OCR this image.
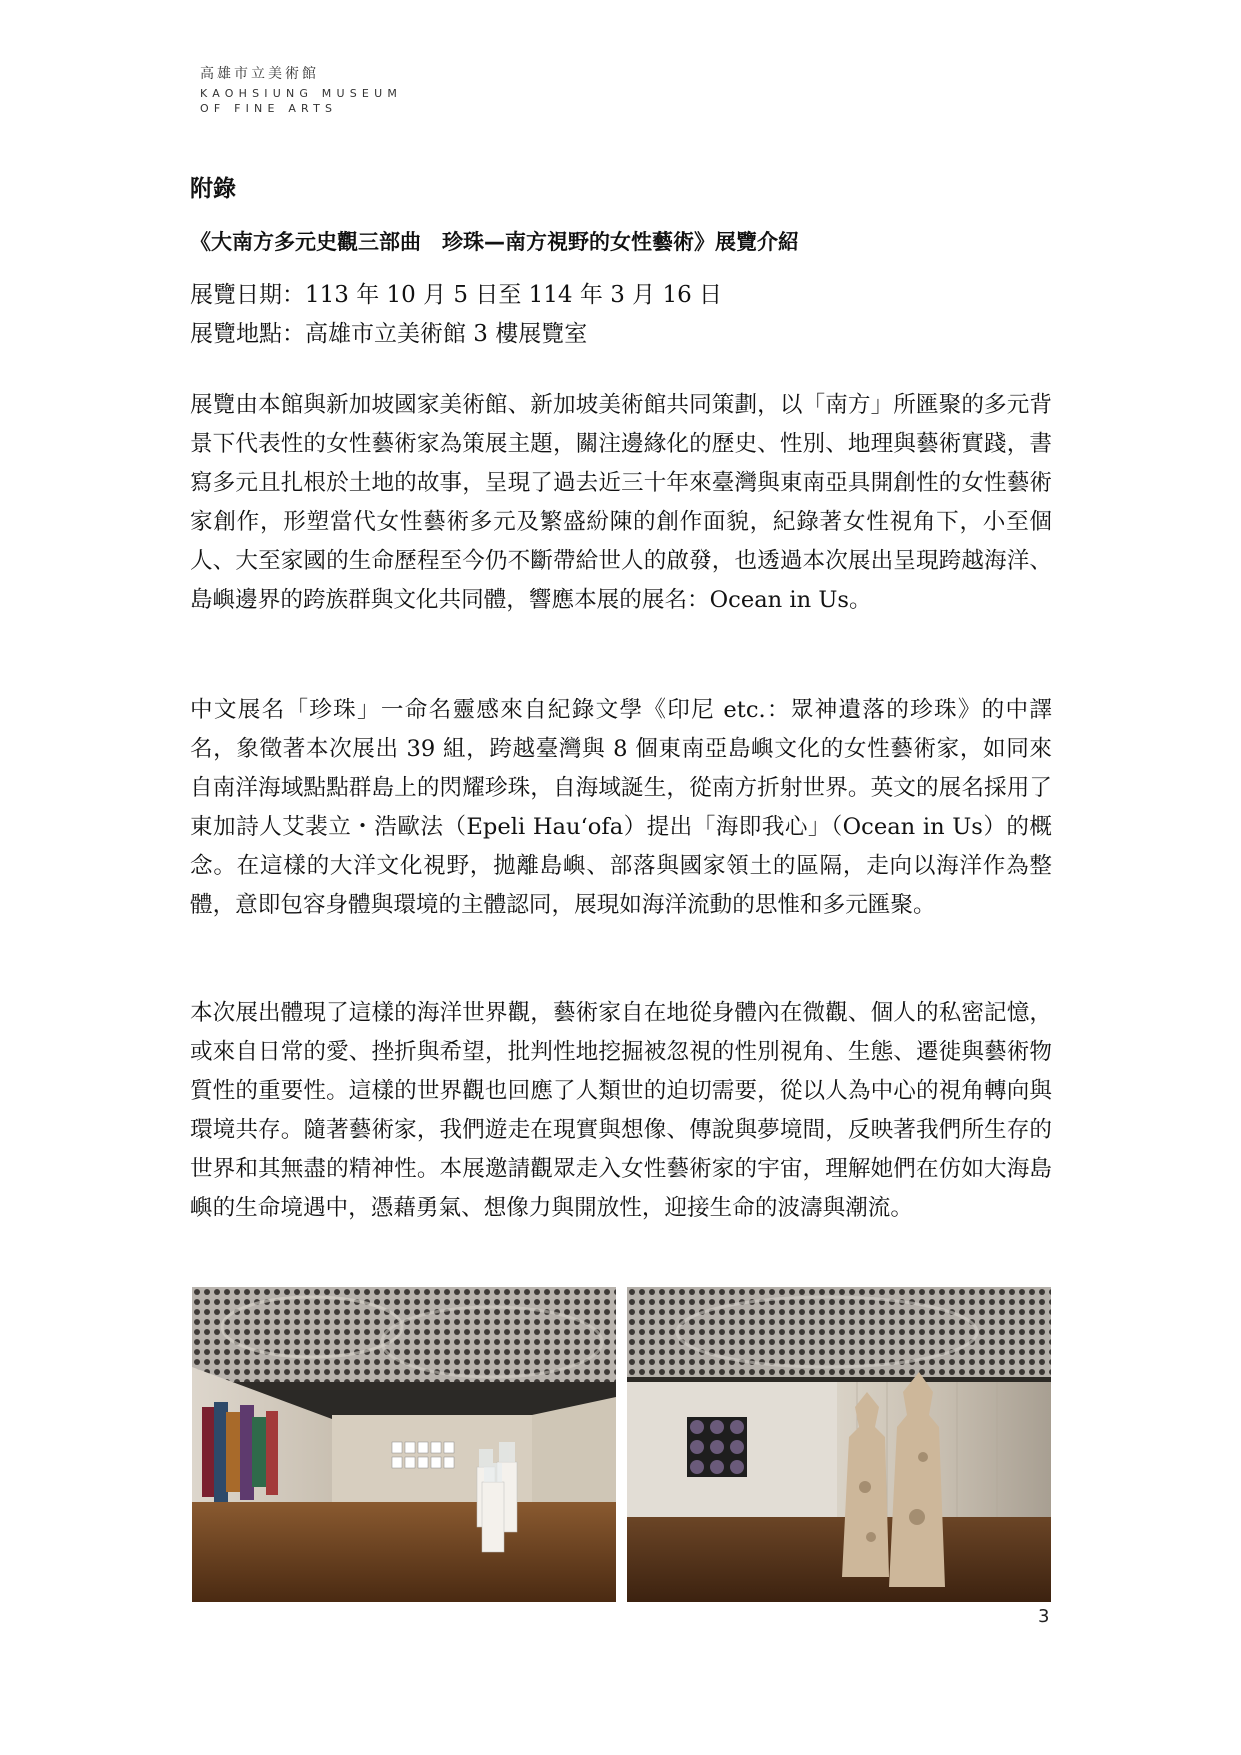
高雄市立美術館
KAOHSIUNG MUSEUM
OF FINE ARTS
附錄
《大南方多元史觀三部曲　珍珠—南方視野的女性藝術》展覽介紹
展覽日期：113 年 10 月 5 日至 114 年 3 月 16 日
展覽地點：高雄市立美術館 3 樓展覽室
展覽由本館與新加坡國家美術館、新加坡美術館共同策劃，以「南方」所匯聚的多元背景下代表性的女性藝術家為策展主題，關注邊緣化的歷史、性別、地理與藝術實踐，書寫多元且扎根於土地的故事，呈現了過去近三十年來臺灣與東南亞具開創性的女性藝術家創作，形塑當代女性藝術多元及繁盛紛陳的創作面貌，紀錄著女性視角下，小至個人、大至家國的生命歷程至今仍不斷帶給世人的啟發，也透過本次展出呈現跨越海洋、島嶼邊界的跨族群與文化共同體，響應本展的展名：Ocean in Us。
中文展名「珍珠」一命名靈感來自紀錄文學《印尼 etc.：眾神遺落的珍珠》的中譯名，象徵著本次展出 39 組，跨越臺灣與 8 個東南亞島嶼文化的女性藝術家，如同來自南洋海域點點群島上的閃耀珍珠，自海域誕生，從南方折射世界。英文的展名採用了東加詩人艾裴立・浩歐法（Epeli Hau‘ofa）提出「海即我心」（Ocean in Us）的概念。在這樣的大洋文化視野，拋離島嶼、部落與國家領土的區隔，走向以海洋作為整體，意即包容身體與環境的主體認同，展現如海洋流動的思惟和多元匯聚。
本次展出體現了這樣的海洋世界觀，藝術家自在地從身體內在微觀、個人的私密記憶，或來自日常的愛、挫折與希望，批判性地挖掘被忽視的性別視角、生態、遷徙與藝術物質性的重要性。這樣的世界觀也回應了人類世的迫切需要，從以人為中心的視角轉向與環境共存。隨著藝術家，我們遊走在現實與想像、傳說與夢境間，反映著我們所生存的世界和其無盡的精神性。本展邀請觀眾走入女性藝術家的宇宙，理解她們在仿如大海島嶼的生命境遇中，憑藉勇氣、想像力與開放性，迎接生命的波濤與潮流。
3
